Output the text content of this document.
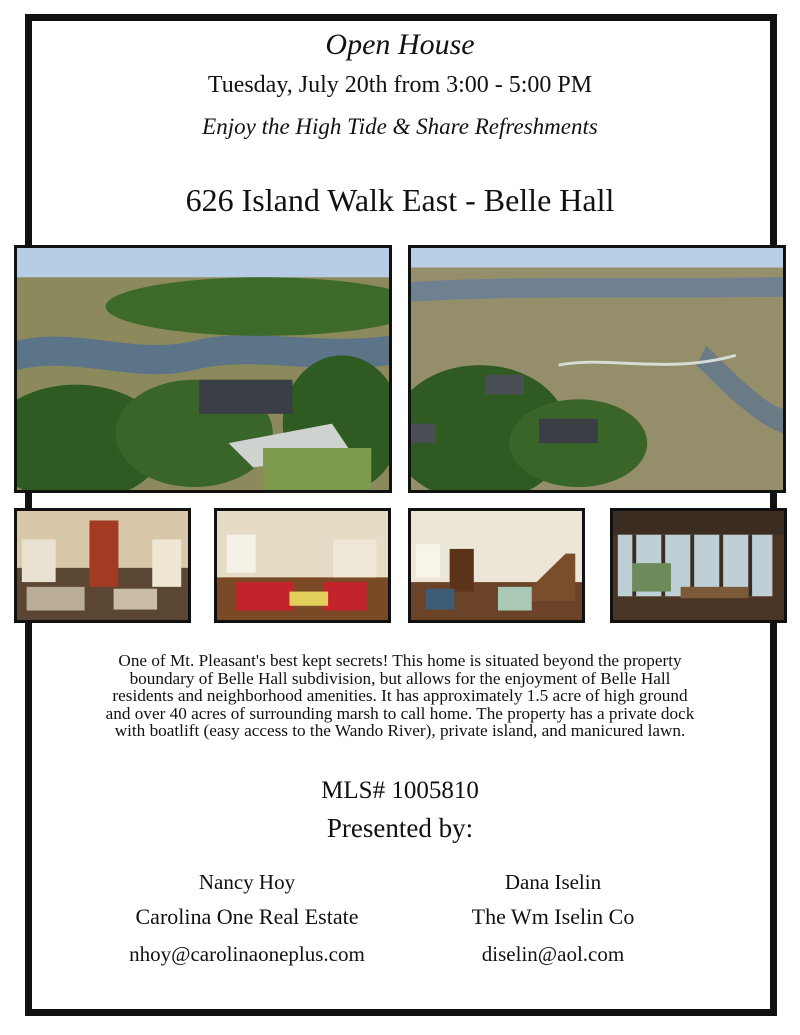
Open House
Tuesday, July 20th from 3:00 - 5:00 PM
Enjoy the High Tide & Share Refreshments
626 Island Walk East - Belle Hall
One of Mt. Pleasant's best kept secrets! This home is situated beyond the property boundary of Belle Hall subdivision, but allows for the enjoyment of Belle Hall residents and neighborhood amenities. It has approximately 1.5 acre of high ground and over 40 acres of surrounding marsh to call home. The property has a private dock with boatlift (easy access to the Wando River), private island, and manicured lawn.
MLS# 1005810
Presented by:
Nancy Hoy
Carolina One Real Estate
nhoy@carolinaoneplus.com
Dana Iselin
The Wm Iselin Co
diselin@aol.com
